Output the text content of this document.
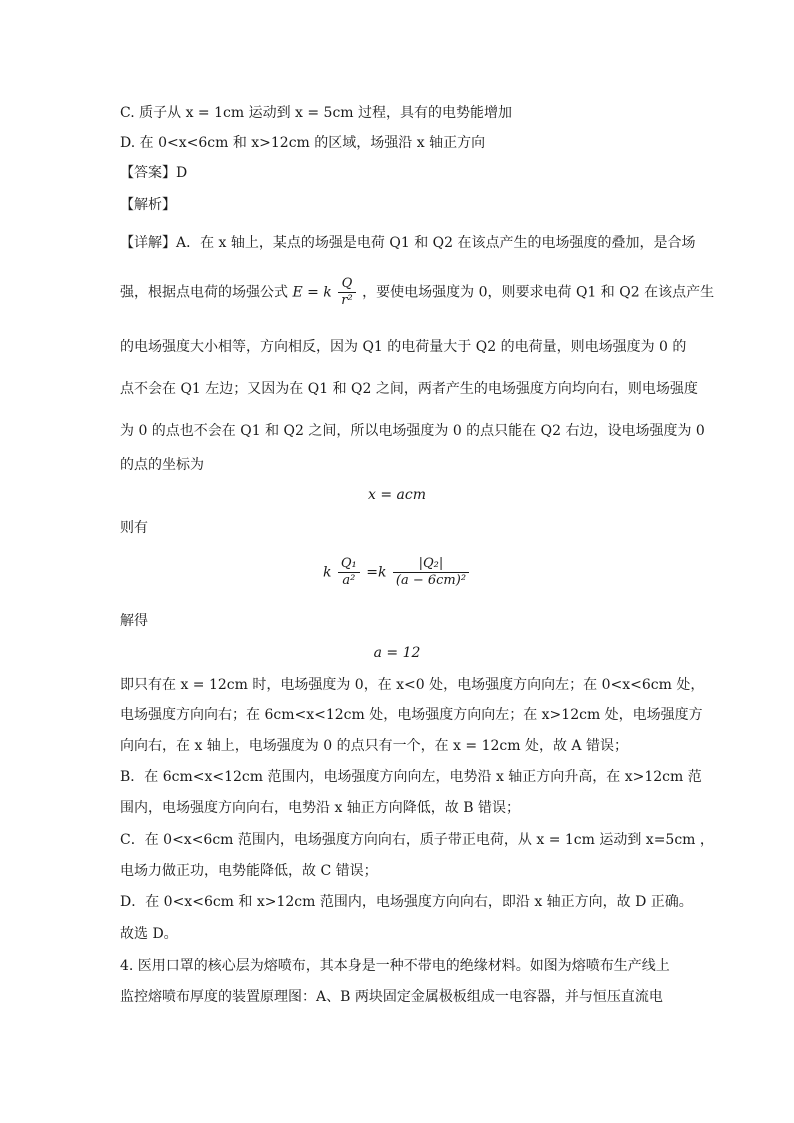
C. 质子从 x = 1cm 运动到 x = 5cm 过程，具有的电势能增加
D. 在 0<x<6cm 和 x>12cm 的区域，场强沿 x 轴正方向
【答案】D
【解析】
【详解】A．在 x 轴上，某点的场强是电荷 Q1 和 Q2 在该点产生的电场强度的叠加，是合场
强，根据点电荷的场强公式 E = k $\frac{Q}{\text{r²}}$ ，要使电场强度为 0，则要求电荷 Q1 和 Q2 在该点产生
的电场强度大小相等，方向相反，因为 Q1 的电荷量大于 Q2 的电荷量，则电场强度为 0 的
点不会在 Q1 左边；又因为在 Q1 和 Q2 之间，两者产生的电场强度方向均向右，则电场强度
为 0 的点也不会在 Q1 和 Q2 之间，所以电场强度为 0 的点只能在 Q2 右边，设电场强度为 0
的点的坐标为
x = acm
则有
k $\frac{\text{Q₁}}{\text{a²}} =k \frac{\text{|Q₂|}}{\text{(a − 6cm)²}}$
解得
a = 12
即只有在 x = 12cm 时，电场强度为 0，在 x<0 处，电场强度方向向左；在 0<x<6cm 处，
电场强度方向向右；在 6cm<x<12cm 处，电场强度方向向左；在 x>12cm 处，电场强度方
向向右，在 x 轴上，电场强度为 0 的点只有一个，在 x = 12cm 处，故 A 错误；
B．在 6cm<x<12cm 范围内，电场强度方向向左，电势沿 x 轴正方向升高，在 x>12cm 范
围内，电场强度方向向右，电势沿 x 轴正方向降低，故 B 错误；
C．在 0<x<6cm 范围内，电场强度方向向右，质子带正电荷，从 x = 1cm 运动到 x=5cm ，
电场力做正功，电势能降低，故 C 错误；
D．在 0<x<6cm 和 x>12cm 范围内，电场强度方向向右，即沿 x 轴正方向，故 D 正确。
故选 D。
4. 医用口罩的核心层为熔喷布，其本身是一种不带电的绝缘材料。如图为熔喷布生产线上
监控熔喷布厚度的装置原理图：A、B 两块固定金属极板组成一电容器，并与恒压直流电
